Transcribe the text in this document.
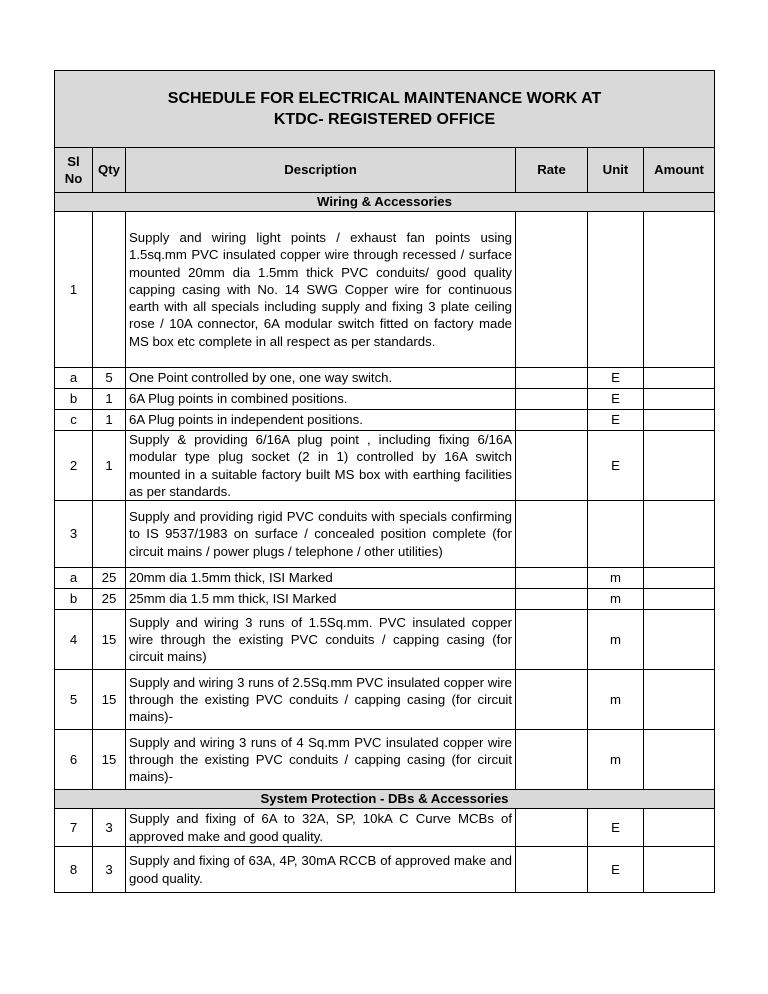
SCHEDULE FOR ELECTRICAL MAINTENANCE WORK AT
KTDC- REGISTERED OFFICE					

Sl
No	Qty	Description	Rate	Unit	Amount
Wiring & Accessories					
1		Supply and wiring light points / exhaust fan points using 1.5sq.mm PVC insulated copper wire through recessed / surface mounted 20mm dia 1.5mm thick PVC conduits/ good quality capping casing with No. 14 SWG Copper wire for continuous earth with all specials including supply and fixing 3 plate ceiling rose / 10A connector, 6A modular switch fitted on factory made MS box etc complete in all respect as per standards.			
a	5	One Point controlled by one, one way switch.		E	
b	1	6A Plug points in combined positions.		E	
c	1	6A Plug points in independent positions.		E	
2	1	Supply & providing 6/16A plug point , including fixing 6/16A modular type plug socket (2 in 1) controlled by 16A switch mounted in a suitable factory built MS box with earthing facilities as per standards.		E	
3		Supply and providing rigid PVC conduits with specials confirming to IS 9537/1983 on surface / concealed position complete (for circuit mains / power plugs / telephone / other utilities)			
a	25	20mm dia 1.5mm thick, ISI Marked		m	
b	25	25mm dia 1.5 mm thick, ISI Marked		m	
4	15	Supply and wiring 3 runs of 1.5Sq.mm. PVC insulated copper wire through the existing PVC conduits / capping casing (for circuit mains)		m	
5	15	Supply and wiring 3 runs of 2.5Sq.mm PVC insulated copper wire through the existing PVC conduits / capping casing (for circuit mains)-		m	
6	15	Supply and wiring 3 runs of 4 Sq.mm PVC insulated copper wire through the existing PVC conduits / capping casing (for circuit mains)-		m	
System Protection - DBs & Accessories					
7	3	Supply and fixing of 6A to 32A, SP, 10kA C Curve MCBs of approved make and good quality.		E	
8	3	Supply and fixing of 63A, 4P, 30mA RCCB of approved make and good quality.		E	
